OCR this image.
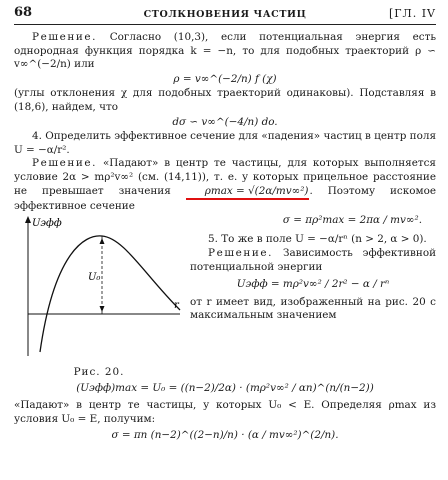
68	СТОЛКНОВЕНИЯ ЧАСТИЦ	[ГЛ. IV

Решение. Согласно (10,3), если потенциальная энергия есть однородная функция порядка k = −n, то для подобных траекторий ρ ∽ v∞^(−2/n) или

ρ = v∞^(−2/n) f (χ)

(углы отклонения χ для подобных траекторий одинаковы). Подставляя в (18,6), найдем, что

dσ ∽ v∞^(−4/n) do.

4. Определить эффективное сечение для «падения» частиц в центр поля U = −α/r².

Решение. «Падают» в центр те частицы, для которых выполняется условие 2α > mρ²v∞² (см. (14,11)), т. е. у которых прицельное расстояние не превышает значения ρmax = √(2α/mv∞²). Поэтому искомое эффективное сечение

Uэфф
r
U₀
Рис. 20.
σ = πρ²max = 2πα / mv∞².

5. То же в поле U = −α/rⁿ (n > 2, α > 0).

Решение. Зависимость эффективной потенциальной энергии

Uэфф = mρ²v∞² / 2r² − α / rⁿ

от r имеет вид, изображенный на рис. 20 с максимальным значением

(Uэфф)max = U₀ = ((n−2)/2α) · (mρ²v∞² / αn)^(n/(n−2))

«Падают» в центр те частицы, у которых U₀ < E. Определяя ρmax из условия U₀ = E, получим:

σ = πn (n−2)^((2−n)/n) · (α / mv∞²)^(2/n).
